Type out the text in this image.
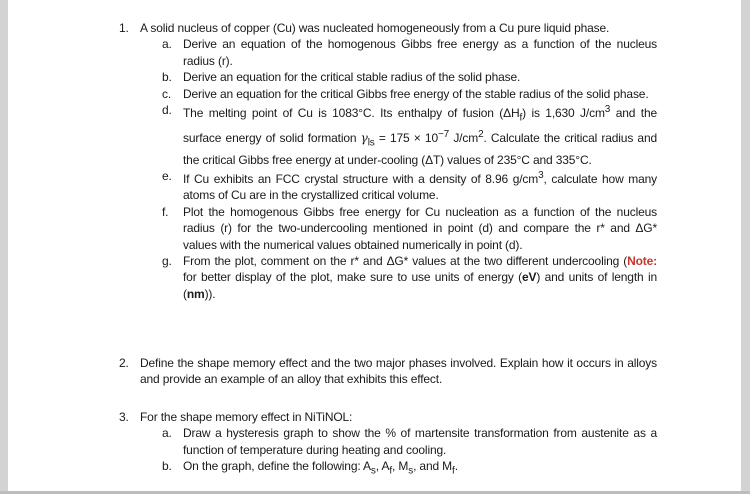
1. A solid nucleus of copper (Cu) was nucleated homogeneously from a Cu pure liquid phase.
a. Derive an equation of the homogenous Gibbs free energy as a function of the nucleus radius (r).
b. Derive an equation for the critical stable radius of the solid phase.
c. Derive an equation for the critical Gibbs free energy of the stable radius of the solid phase.
d. The melting point of Cu is 1083°C. Its enthalpy of fusion $(\Delta H_f)$ is 1,630 $J/cm^3$ and the surface energy of solid formation $\gamma_{ls} = 175 \times 10^{-7}$ $J/cm^2$. Calculate the critical radius and the critical Gibbs free energy at under-cooling (ΔT) values of 235°C and 335°C.
e. If Cu exhibits an FCC crystal structure with a density of 8.96 $g/cm^3$, calculate how many atoms of Cu are in the crystallized critical volume.
f. Plot the homogenous Gibbs free energy for Cu nucleation as a function of the nucleus radius (r) for the two-undercooling mentioned in point (d) and compare the r* and ΔG* values with the numerical values obtained numerically in point (d).
g. From the plot, comment on the r* and ΔG* values at the two different undercooling (Note: for better display of the plot, make sure to use units of energy (eV) and units of length in (nm)).
2. Define the shape memory effect and the two major phases involved. Explain how it occurs in alloys and provide an example of an alloy that exhibits this effect.
3. For the shape memory effect in NiTiNOL:
a. Draw a hysteresis graph to show the % of martensite transformation from austenite as a function of temperature during heating and cooling.
b. On the graph, define the following: $A_s$, $A_f$, $M_s$, and $M_f$.
